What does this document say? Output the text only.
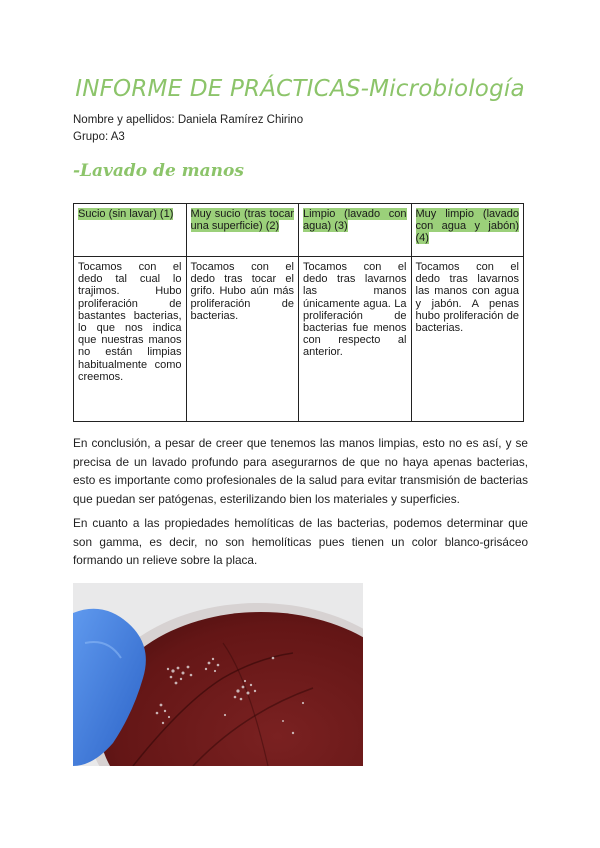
INFORME DE PRÁCTICAS-Microbiología
Nombre y apellidos: Daniela Ramírez Chirino
Grupo: A3
-Lavado de manos
Sucio (sin lavar) (1)	Muy sucio (tras tocar una superficie) (2)	Limpio (lavado con agua) (3)	Muy limpio (lavado con agua y jabón) (4)
Tocamos con el dedo tal cual lo trajimos. Hubo proliferación de bastantes bacterias, lo que nos indica que nuestras manos no están limpias habitualmente como creemos.	Tocamos con el dedo tras tocar el grifo. Hubo aún más proliferación de bacterias.	Tocamos con el dedo tras lavarnos las manos únicamente agua. La proliferación de bacterias fue menos con respecto al anterior.	Tocamos con el dedo tras lavarnos las manos con agua y jabón. A penas hubo proliferación de bacterias.
En conclusión, a pesar de creer que tenemos las manos limpias, esto no es así, y se precisa de un lavado profundo para asegurarnos de que no haya apenas bacterias, esto es importante como profesionales de la salud para evitar transmisión de bacterias que puedan ser patógenas, esterilizando bien los materiales y superficies.
En cuanto a las propiedades hemolíticas de las bacterias, podemos determinar que son gamma, es decir, no son hemolíticas pues tienen un color blanco-grisáceo formando un relieve sobre la placa.
